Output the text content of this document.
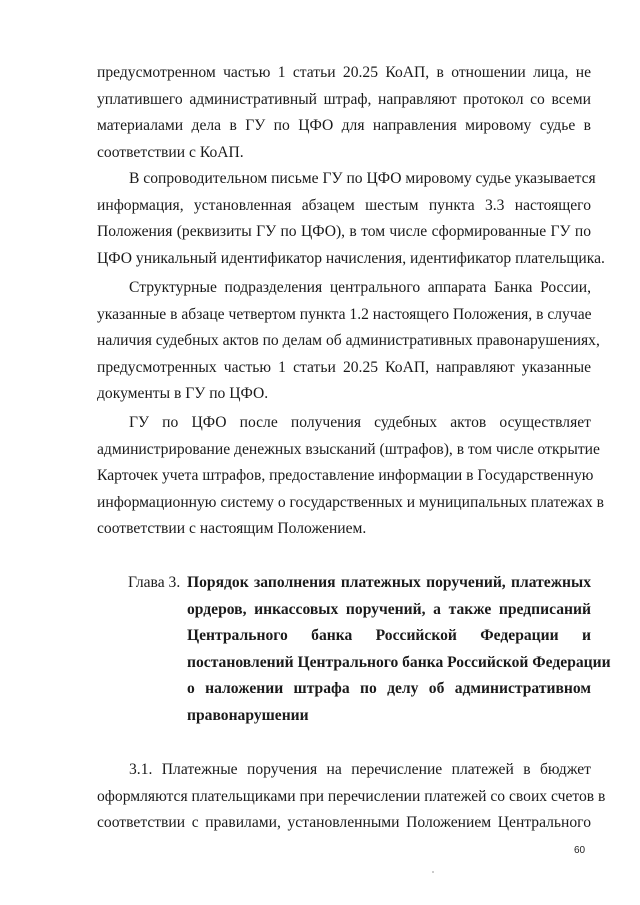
предусмотренном частью 1 статьи 20.25 КоАП, в отношении лица, не
уплатившего административный штраф, направляют протокол со всеми
материалами дела в ГУ по ЦФО для направления мировому судье в
соответствии с КоАП.

В сопроводительном письме ГУ по ЦФО мировому судье указывается
информация, установленная абзацем шестым пункта 3.3 настоящего
Положения (реквизиты ГУ по ЦФО), в том числе сформированные ГУ по
ЦФО уникальный идентификатор начисления, идентификатор плательщика.

Структурные подразделения центрального аппарата Банка России,
указанные в абзаце четвертом пункта 1.2 настоящего Положения, в случае
наличия судебных актов по делам об административных правонарушениях,
предусмотренных частью 1 статьи 20.25 КоАП, направляют указанные
документы в ГУ по ЦФО.

ГУ по ЦФО после получения судебных актов осуществляет
администрирование денежных взысканий (штрафов), в том числе открытие
Карточек учета штрафов, предоставление информации в Государственную
информационную систему о государственных и муниципальных платежах в
соответствии с настоящим Положением.

Глава 3. Порядок заполнения платежных поручений, платежных
ордеров, инкассовых поручений, а также предписаний
Центрального банка Российской Федерации и
постановлений Центрального банка Российской Федерации
о наложении штрафа по делу об административном
правонарушении

3.1. Платежные поручения на перечисление платежей в бюджет
оформляются плательщиками при перечислении платежей со своих счетов в
соответствии с правилами, установленными Положением Центрального

60
